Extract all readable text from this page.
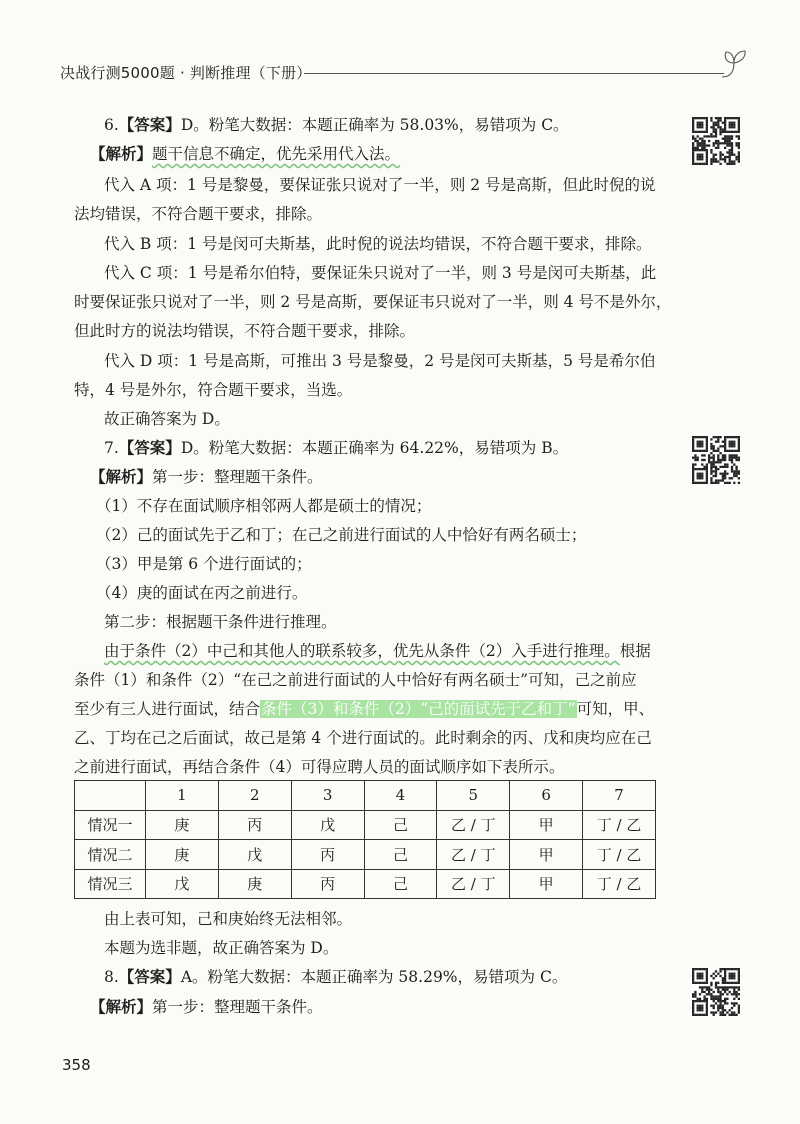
决战行测5000题 · 判断推理（下册）
6.【答案】D。粉笔大数据：本题正确率为 58.03%，易错项为 C。
【解析】题干信息不确定，优先采用代入法。
代入 A 项：1 号是黎曼，要保证张只说对了一半，则 2 号是高斯，但此时倪的说
法均错误，不符合题干要求，排除。
代入 B 项：1 号是闵可夫斯基，此时倪的说法均错误，不符合题干要求，排除。
代入 C 项：1 号是希尔伯特，要保证朱只说对了一半，则 3 号是闵可夫斯基，此
时要保证张只说对了一半，则 2 号是高斯，要保证韦只说对了一半，则 4 号不是外尔，
但此时方的说法均错误，不符合题干要求，排除。
代入 D 项：1 号是高斯，可推出 3 号是黎曼，2 号是闵可夫斯基，5 号是希尔伯
特，4 号是外尔，符合题干要求，当选。
故正确答案为 D。
7.【答案】D。粉笔大数据：本题正确率为 64.22%，易错项为 B。
【解析】第一步：整理题干条件。
（1）不存在面试顺序相邻两人都是硕士的情况；
（2）己的面试先于乙和丁；在己之前进行面试的人中恰好有两名硕士；
（3）甲是第 6 个进行面试的；
（4）庚的面试在丙之前进行。
第二步：根据题干条件进行推理。
由于条件（2）中己和其他人的联系较多，优先从条件（2）入手进行推理。根据
条件（1）和条件（2）“在己之前进行面试的人中恰好有两名硕士”可知，己之前应
至少有三人进行面试，结合条件（3）和条件（2）“己的面试先于乙和丁”可知，甲、
乙、丁均在己之后面试，故己是第 4 个进行面试的。此时剩余的丙、戊和庚均应在己
之前进行面试，再结合条件（4）可得应聘人员的面试顺序如下表所示。
	1	2	3	4	5	6	7
情况一	庚	丙	戊	己	乙 / 丁	甲	丁 / 乙
情况二	庚	戊	丙	己	乙 / 丁	甲	丁 / 乙
情况三	戊	庚	丙	己	乙 / 丁	甲	丁 / 乙
由上表可知，己和庚始终无法相邻。
本题为选非题，故正确答案为 D。
8.【答案】A。粉笔大数据：本题正确率为 58.29%，易错项为 C。
【解析】第一步：整理题干条件。
358
